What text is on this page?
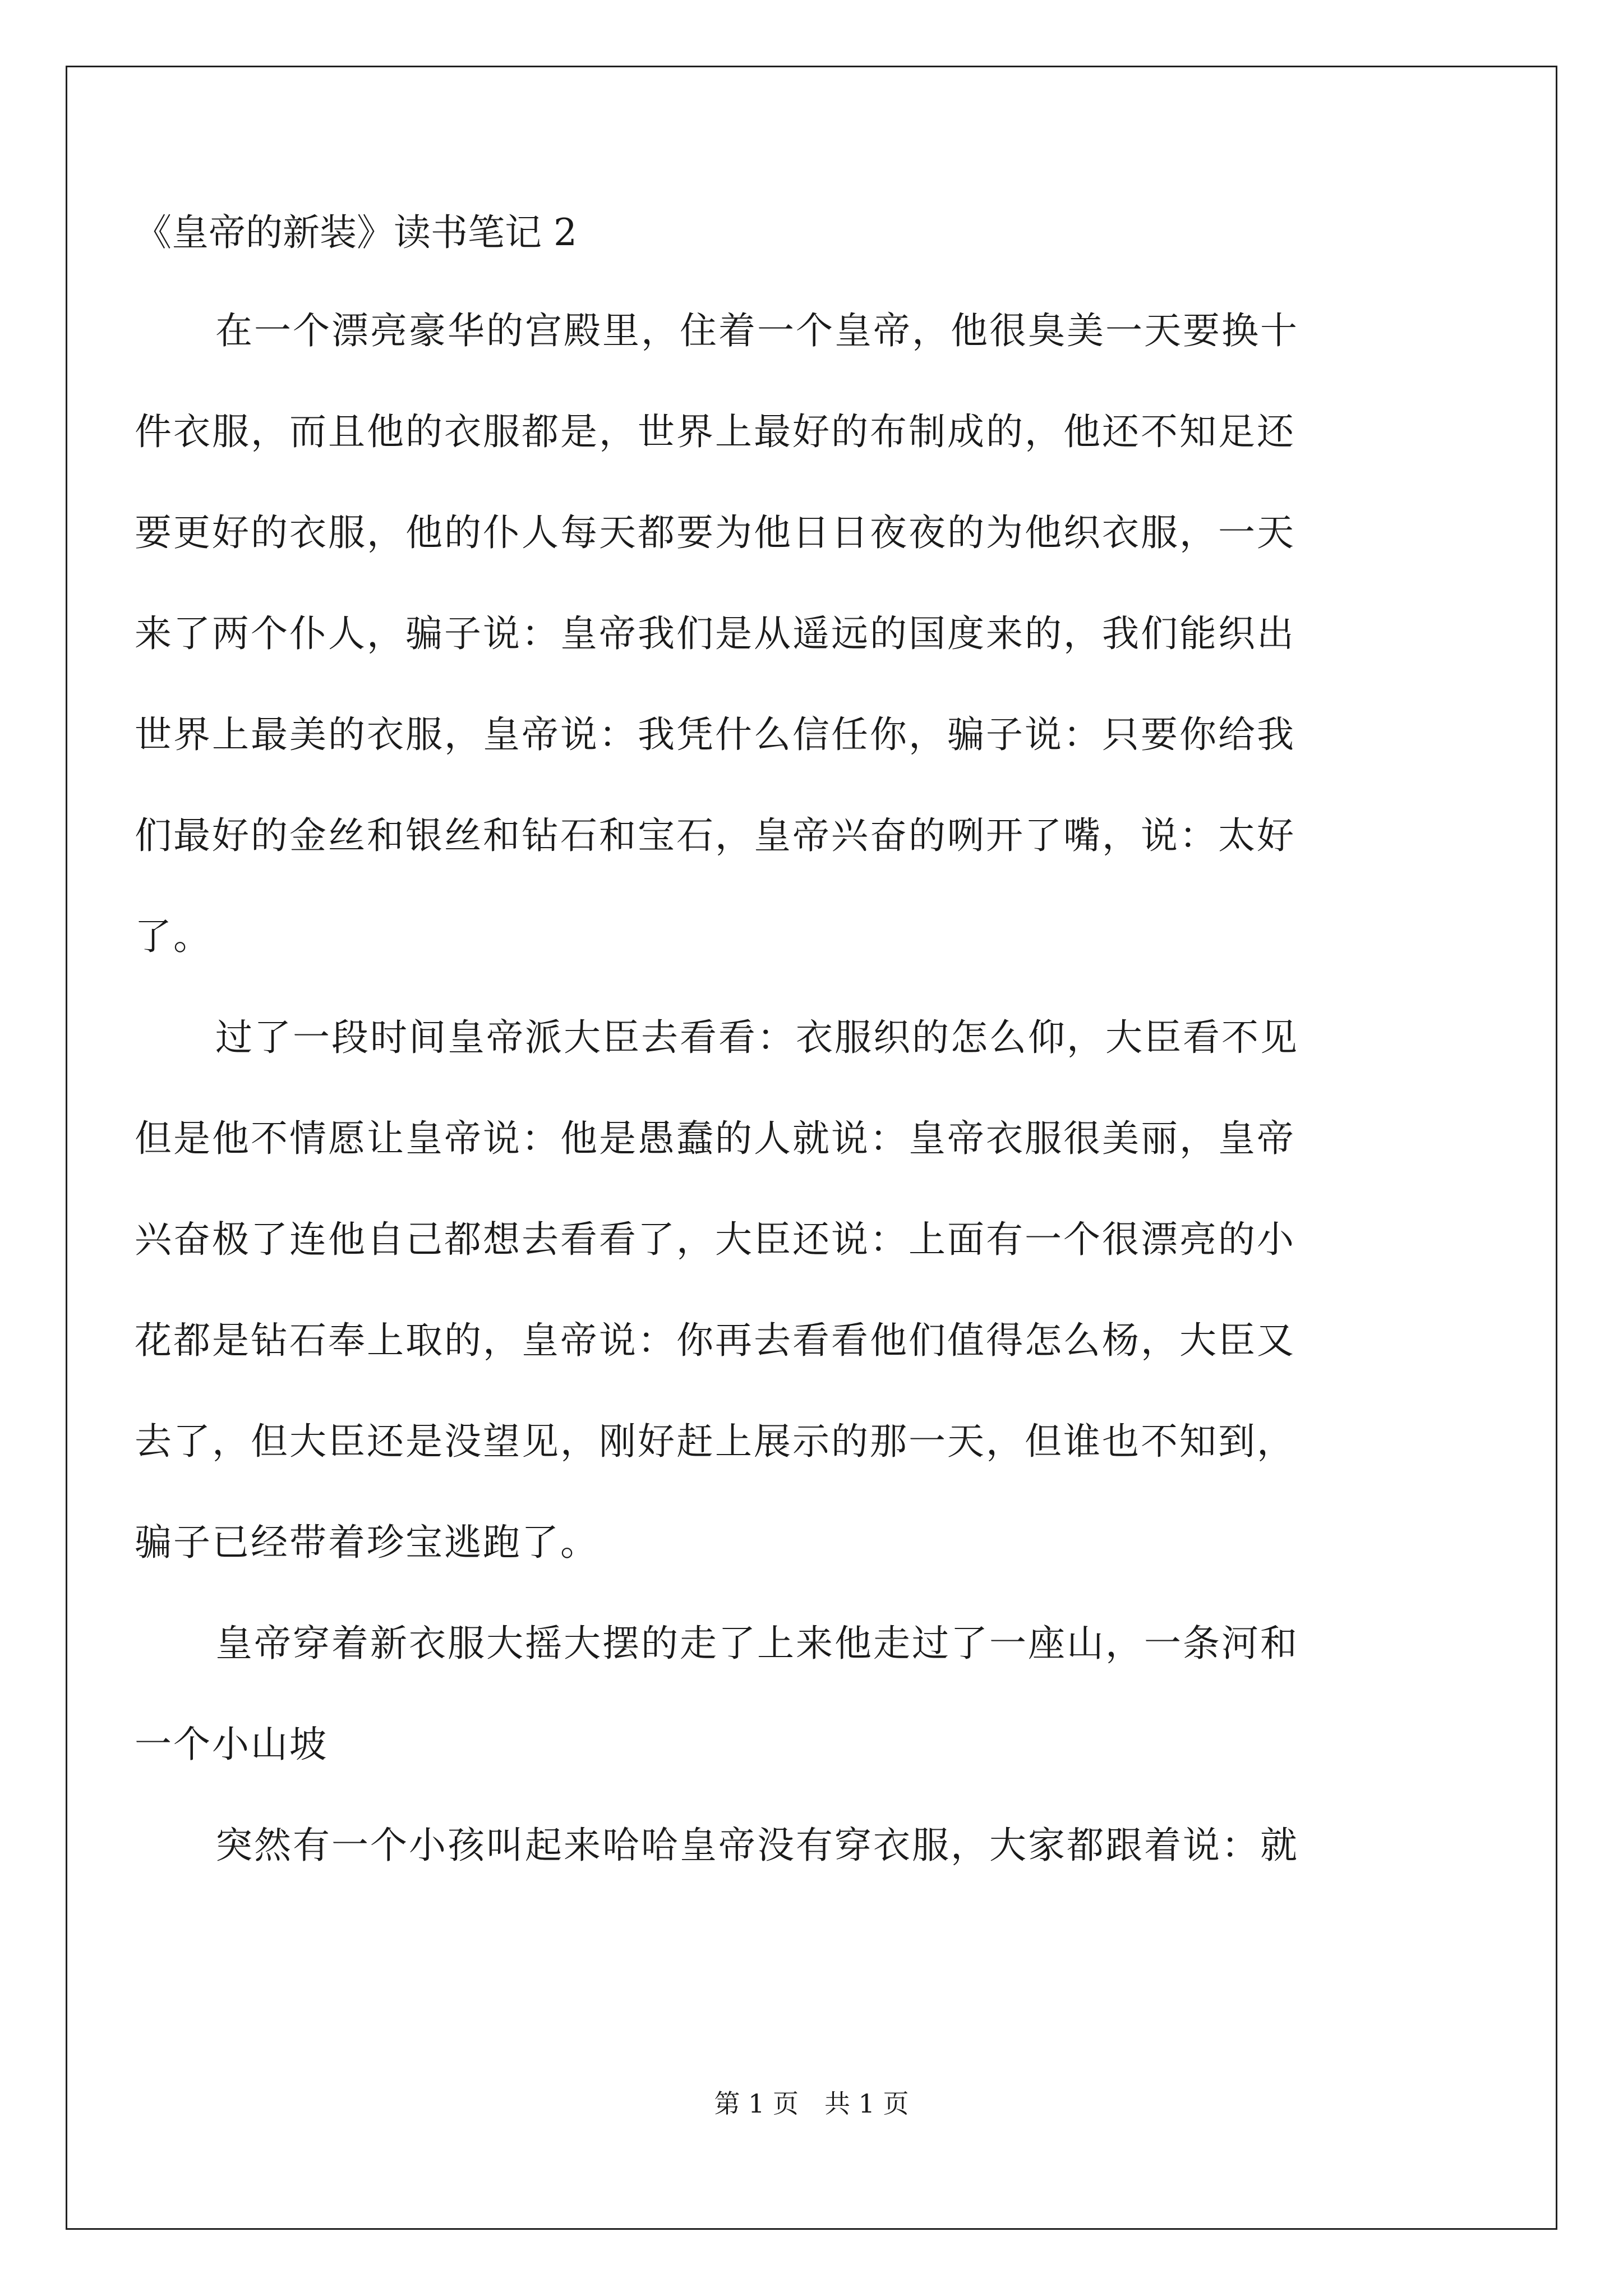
《皇帝的新装》读书笔记 2
在一个漂亮豪华的宫殿里，住着一个皇帝，他很臭美一天要换十
件衣服，而且他的衣服都是，世界上最好的布制成的，他还不知足还
要更好的衣服，他的仆人每天都要为他日日夜夜的为他织衣服，一天
来了两个仆人，骗子说：皇帝我们是从遥远的国度来的，我们能织出
世界上最美的衣服，皇帝说：我凭什么信任你，骗子说：只要你给我
们最好的金丝和银丝和钻石和宝石，皇帝兴奋的咧开了嘴，说：太好
了。
过了一段时间皇帝派大臣去看看：衣服织的怎么仰，大臣看不见
但是他不情愿让皇帝说：他是愚蠢的人就说：皇帝衣服很美丽，皇帝
兴奋极了连他自己都想去看看了，大臣还说：上面有一个很漂亮的小
花都是钻石奉上取的，皇帝说：你再去看看他们值得怎么杨，大臣又
去了，但大臣还是没望见，刚好赶上展示的那一天，但谁也不知到，
骗子已经带着珍宝逃跑了。
皇帝穿着新衣服大摇大摆的走了上来他走过了一座山，一条河和
一个小山坡
突然有一个小孩叫起来哈哈皇帝没有穿衣服，大家都跟着说：就
第 1 页　共 1 页
